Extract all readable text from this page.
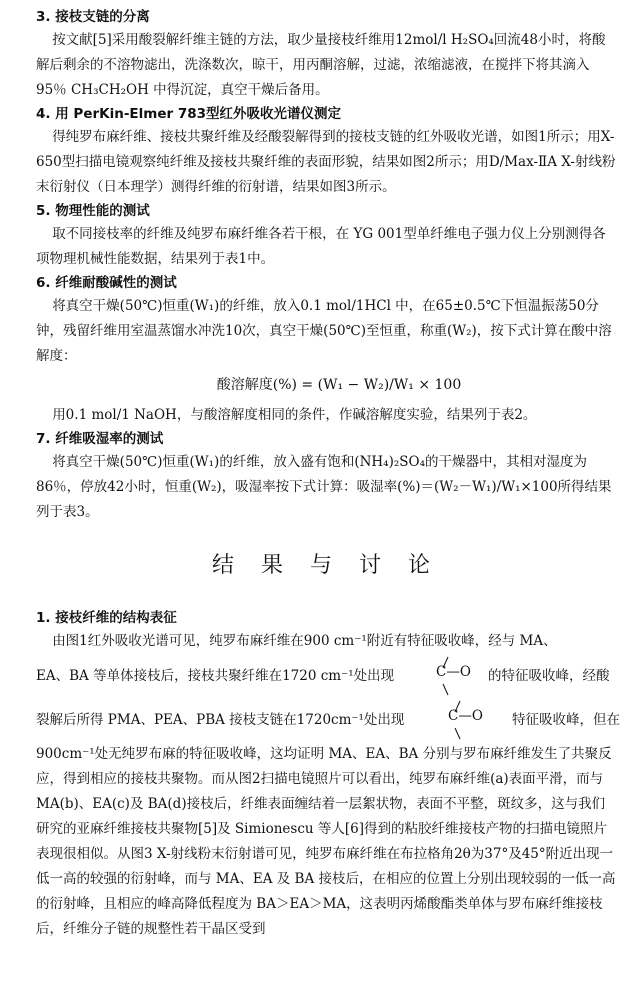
3. 接枝支链的分离

按文献[5]采用酸裂解纤维主链的方法，取少量接枝纤维用12mol/l H₂SO₄回流48小时，将酸解后剩余的不溶物滤出，洗涤数次，晾干，用丙酮溶解，过滤，浓缩滤液，在搅拌下将其滴入95％ CH₃CH₂OH 中得沉淀，真空干燥后备用。

4. 用 PerKin-Elmer 783型红外吸收光谱仪测定

得纯罗布麻纤维、接枝共聚纤维及经酸裂解得到的接枝支链的红外吸收光谱，如图1所示；用X-650型扫描电镜观察纯纤维及接枝共聚纤维的表面形貌，结果如图2所示；用D/Max-ⅡA X-射线粉末衍射仪（日本理学）测得纤维的衍射谱，结果如图3所示。

5. 物理性能的测试

取不同接枝率的纤维及纯罗布麻纤维各若干根，在 YG 001型单纤维电子强力仪上分别测得各项物理机械性能数据，结果列于表1中。

6. 纤维耐酸碱性的测试

将真空干燥(50℃)恒重(W₁)的纤维，放入0.1 mol/1HCl 中，在65±0.5℃下恒温振荡50分钟，残留纤维用室温蒸馏水冲洗10次，真空干燥(50℃)至恒重，称重(W₂)，按下式计算在酸中溶解度：

酸溶解度(%) = (W₁ − W₂)/W₁ × 100

用0.1 mol/1 NaOH，与酸溶解度相同的条件，作碱溶解度实验，结果列于表2。

7. 纤维吸湿率的测试

将真空干燥(50℃)恒重(W₁)的纤维，放入盛有饱和(NH₄)₂SO₄的干燥器中，其相对湿度为86％，停放42小时，恒重(W₂)，吸湿率按下式计算：吸湿率(%)＝(W₂－W₁)/W₁×100所得结果列于表3。

结 果 与 讨 论

1. 接枝纤维的结构表征

由图1红外吸收光谱可见，纯罗布麻纤维在900 cm⁻¹附近有特征吸收峰，经与 MA、

EA、BA 等单体接枝后，接枝共聚纤维在1720 cm⁻¹处出现	C—O 的特征吸收峰，经酸
裂解后所得 PMA、PEA、PBA 接枝支链在1720cm⁻¹处出现	C—O 特征吸收峰，但在

900cm⁻¹处无纯罗布麻的特征吸收峰，这均证明 MA、EA、BA 分别与罗布麻纤维发生了共聚反应，得到相应的接枝共聚物。而从图2扫描电镜照片可以看出，纯罗布麻纤维(a)表面平滑，而与 MA(b)、EA(c)及 BA(d)接枝后，纤维表面缠结着一层絮状物，表面不平整，斑纹多，这与我们研究的亚麻纤维接枝共聚物[5]及 Simionescu 等人[6]得到的粘胶纤维接枝产物的扫描电镜照片表现很相似。从图3 X-射线粉末衍射谱可见，纯罗布麻纤维在布拉格角2θ为37°及45°附近出现一低一高的较强的衍射峰，而与 MA、EA 及 BA 接枝后，在相应的位置上分别出现较弱的一低一高的衍射峰，且相应的峰高降低程度为 BA＞EA＞MA，这表明丙烯酸酯类单体与罗布麻纤维接枝后，纤维分子链的规整性若干晶区受到
